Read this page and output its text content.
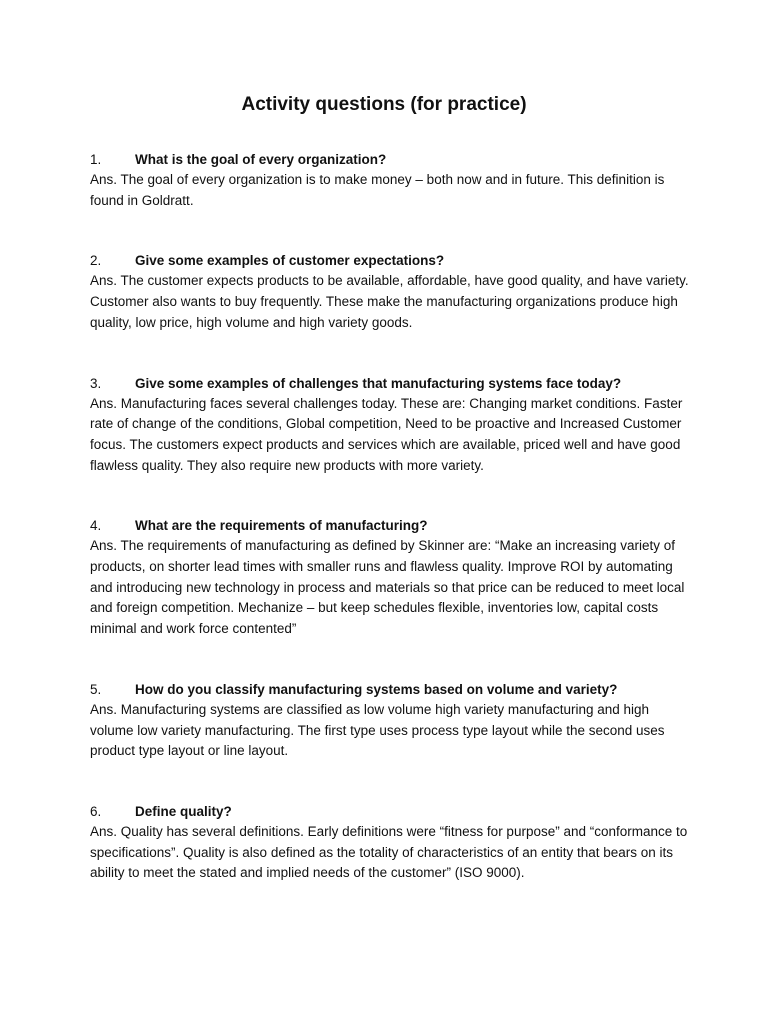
Activity questions (for practice)
1.	What is the goal of every organization?

Ans. The goal of every organization is to make money – both now and in future. This definition is found in Goldratt.

2.	Give some examples of customer expectations?

Ans. The customer expects products to be available, affordable, have good quality, and have variety. Customer also wants to buy frequently. These make the manufacturing organizations produce high quality, low price, high volume and high variety goods.

3.	Give some examples of challenges that manufacturing systems face today?

Ans. Manufacturing faces several challenges today. These are: Changing market conditions. Faster rate of change of the conditions, Global competition, Need to be proactive and Increased Customer focus. The customers expect products and services which are available, priced well and have good flawless quality. They also require new products with more variety.

4.	What are the requirements of manufacturing?

Ans. The requirements of manufacturing as defined by Skinner are: “Make an increasing variety of products, on shorter lead times with smaller runs and flawless quality. Improve ROI by automating and introducing new technology in process and materials so that price can be reduced to meet local and foreign competition. Mechanize – but keep schedules flexible, inventories low, capital costs minimal and work force contented”

5.	How do you classify manufacturing systems based on volume and variety?

Ans. Manufacturing systems are classified as low volume high variety manufacturing and high volume low variety manufacturing. The first type uses process type layout while the second uses product type layout or line layout.

6.	Define quality?

Ans. Quality has several definitions. Early definitions were “fitness for purpose” and “conformance to specifications”. Quality is also defined as the totality of characteristics of an entity that bears on its ability to meet the stated and implied needs of the customer” (ISO 9000).
